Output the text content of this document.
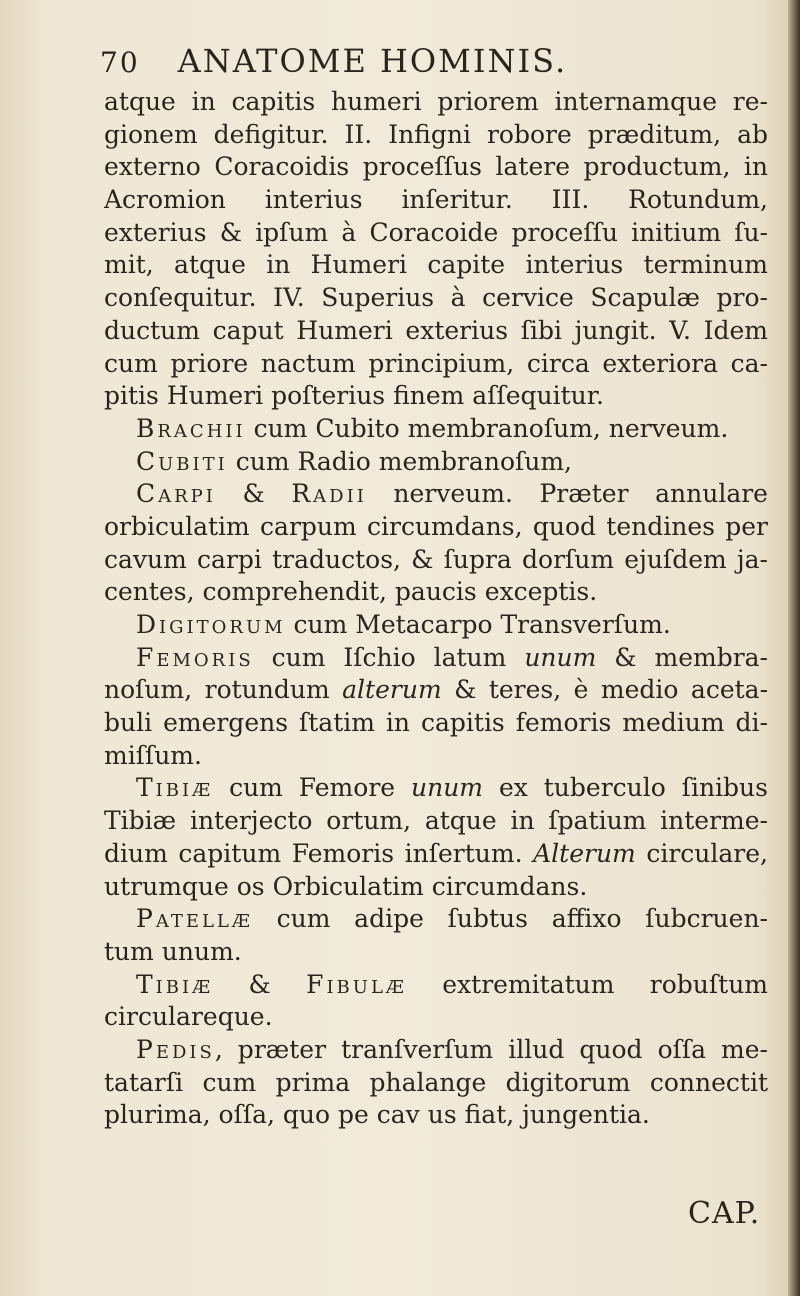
70 ANATOME HOMINIS.
atque in capitis humeri priorem internamque re-
gionem defigitur. II. Infigni robore præditum, ab
externo Coracoidis proceſſus latere productum, in
Acromion interius inſeritur. III. Rotundum,
exterius & ipſum à Coracoide proceſſu initium ſu-
mit, atque in Humeri capite interius terminum
conſequitur. IV. Superius à cervice Scapulæ pro-
ductum caput Humeri exterius ſibi jungit. V. Idem
cum priore nactum principium, circa exteriora ca-
pitis Humeri poſterius finem aſſequitur.
Brachii cum Cubito membranoſum, nerveum.
Cubiti cum Radio membranoſum,
Carpi & Radii nerveum. Præter annulare
orbiculatim carpum circumdans, quod tendines per
cavum carpi traductos, & ſupra dorſum ejuſdem ja-
centes, comprehendit, paucis exceptis.
Digitorum cum Metacarpo Transverſum.
Femoris cum Iſchio latum unum & membra-
noſum, rotundum alterum & teres, è medio aceta-
buli emergens ſtatim in capitis femoris medium di-
miſſum.
Tibiæ cum Femore unum ex tuberculo ſinibus
Tibiæ interjecto ortum, atque in ſpatium interme-
dium capitum Femoris inſertum. Alterum circulare,
utrumque os Orbiculatim circumdans.
Patellæ cum adipe ſubtus affixo ſubcruen-
tum unum.
Tibiæ & Fibulæ extremitatum robuſtum
circulareque.
Pedis, præter tranſverſum illud quod oſſa me-
tatarſi cum prima phalange digitorum connectit
plurima, oſſa, quo pe cav us fiat, jungentia.
CAP.
